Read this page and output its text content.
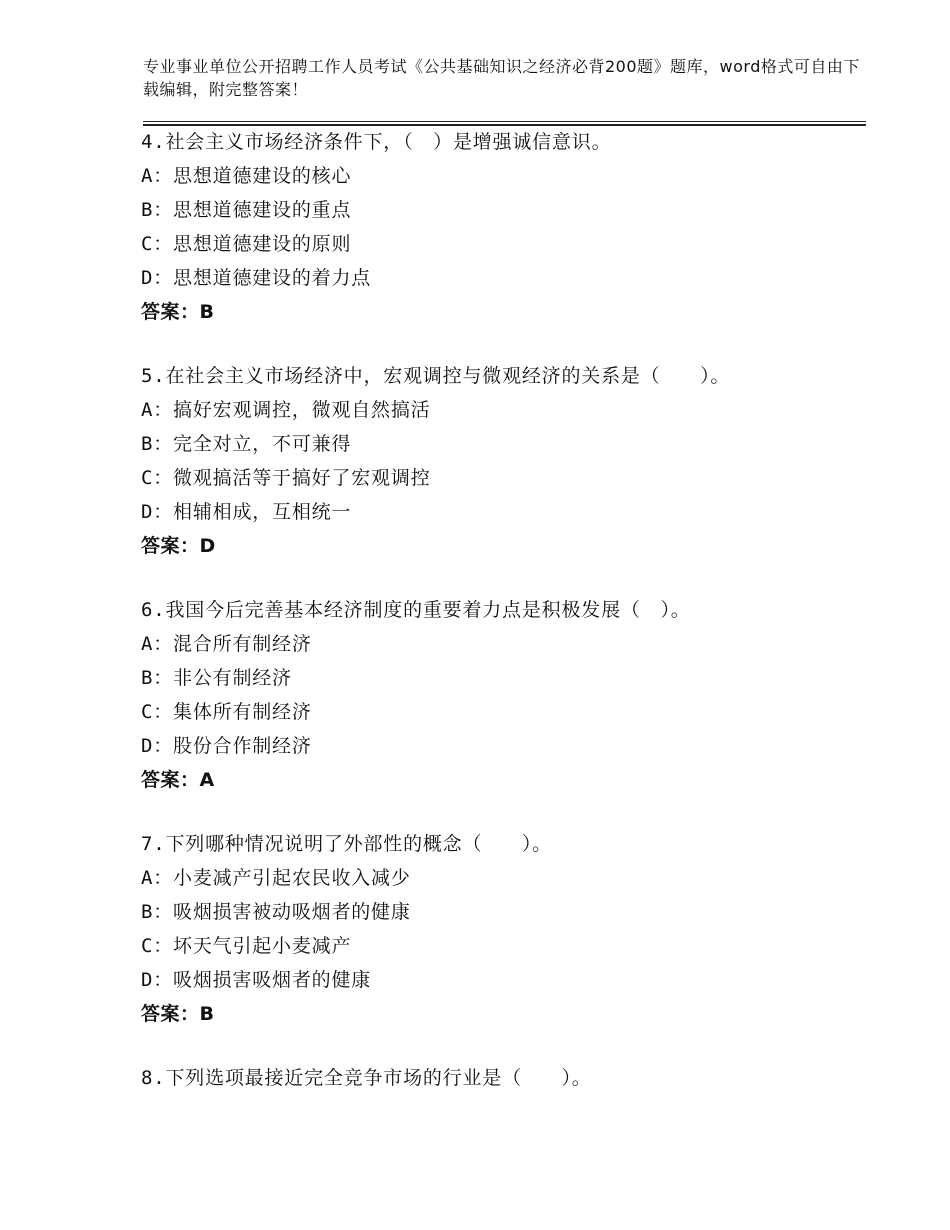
专业事业单位公开招聘工作人员考试《公共基础知识之经济必背200题》题库，word格式可自由下载编辑，附完整答案！
4.社会主义市场经济条件下，（　）是增强诚信意识。
A：思想道德建设的核心
B：思想道德建设的重点
C：思想道德建设的原则
D：思想道德建设的着力点
答案：B
5.在社会主义市场经济中，宏观调控与微观经济的关系是（　　）。
A：搞好宏观调控，微观自然搞活
B：完全对立，不可兼得
C：微观搞活等于搞好了宏观调控
D：相辅相成，互相统一
答案：D
6.我国今后完善基本经济制度的重要着力点是积极发展（　）。
A：混合所有制经济
B：非公有制经济
C：集体所有制经济
D：股份合作制经济
答案：A
7.下列哪种情况说明了外部性的概念（　　）。
A：小麦减产引起农民收入减少
B：吸烟损害被动吸烟者的健康
C：坏天气引起小麦减产
D：吸烟损害吸烟者的健康
答案：B
8.下列选项最接近完全竞争市场的行业是（　　）。
